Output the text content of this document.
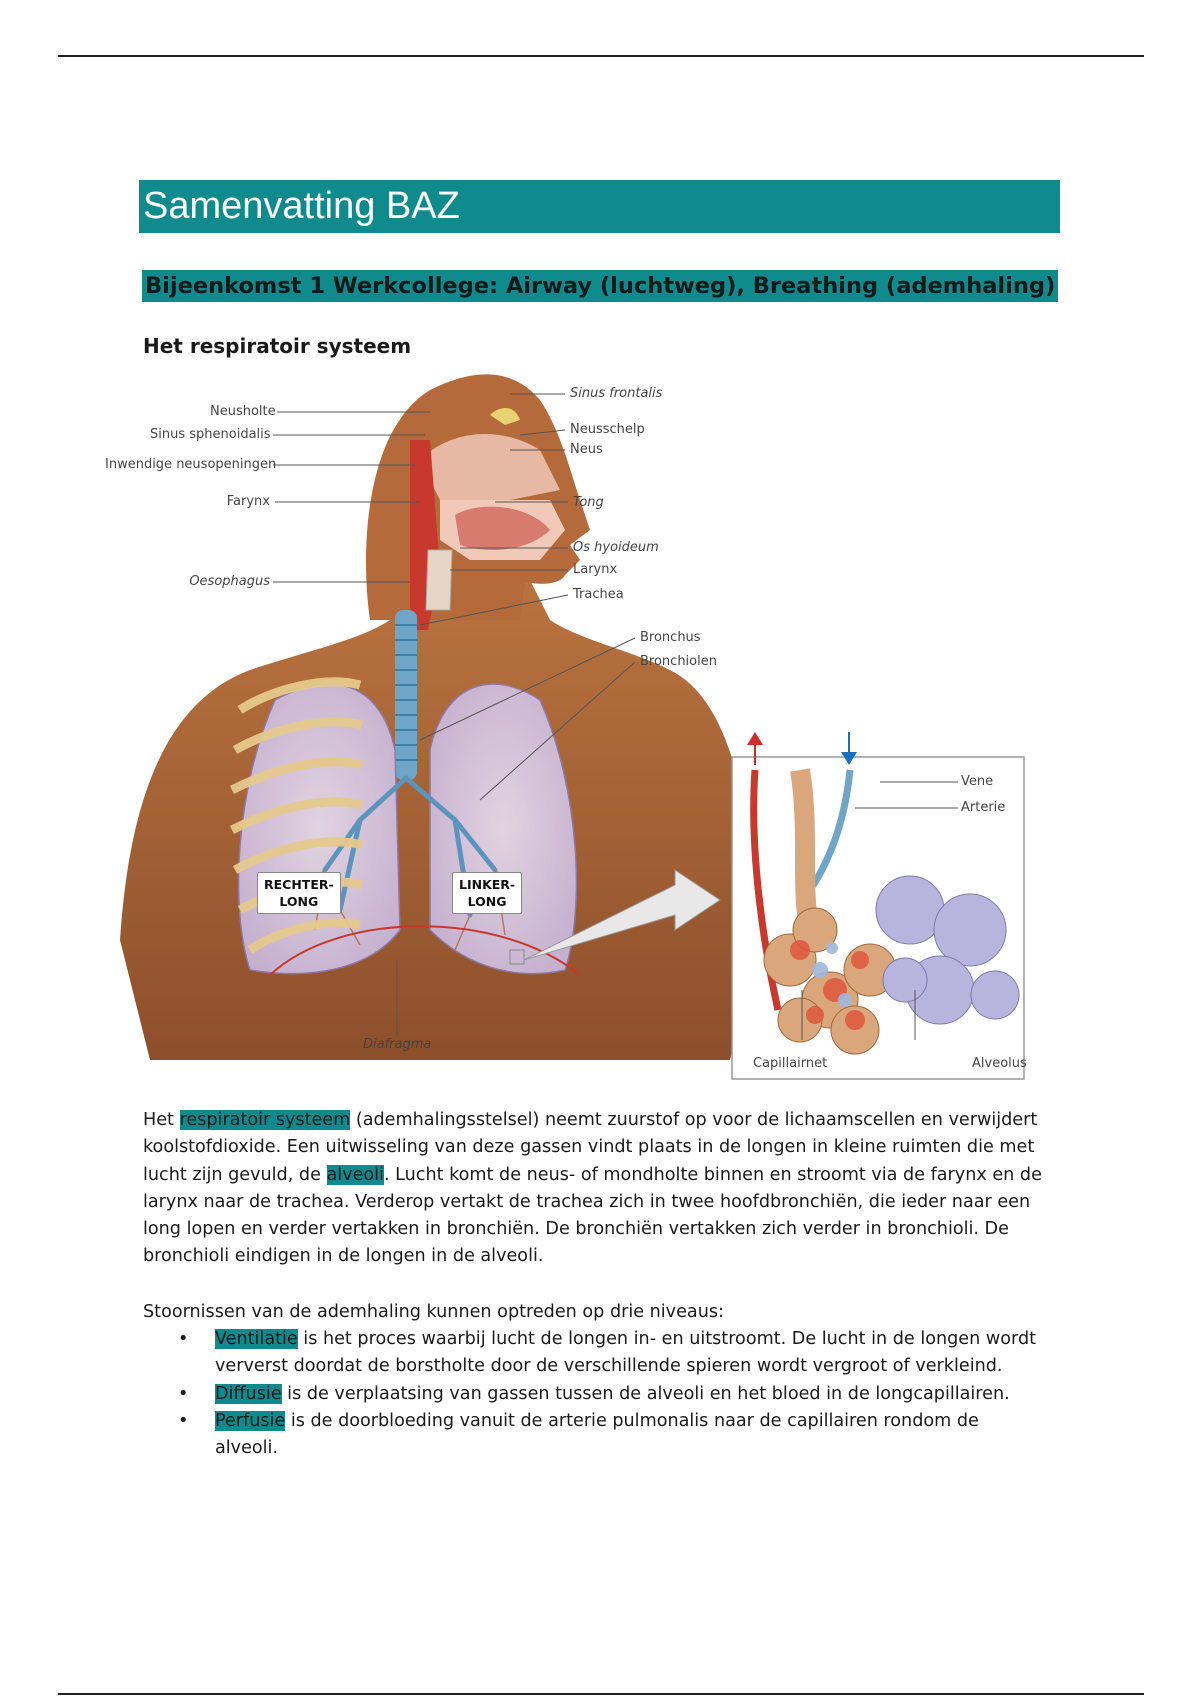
Samenvatting BAZ
Bijeenkomst 1 Werkcollege: Airway (luchtweg), Breathing (ademhaling)
Het respiratoir systeem
Neusholte
Sinus sphenoidalis
Inwendige neusopeningen
Farynx
Oesophagus
Sinus frontalis
Neusschelp
Neus
Tong
Os hyoideum
Larynx
Trachea
Bronchus
Bronchiolen
RECHTER-
LONG
LINKER-
LONG
Diafragma
Vene
Arterie
Capillairnet	Alveolus
Het respiratoir systeem (ademhalingsstelsel) neemt zuurstof op voor de lichaamscellen en verwijdert koolstofdioxide. Een uitwisseling van deze gassen vindt plaats in de longen in kleine ruimten die met lucht zijn gevuld, de alveoli. Lucht komt de neus- of mondholte binnen en stroomt via de farynx en de larynx naar de trachea. Verderop vertakt de trachea zich in twee hoofdbronchiën, die ieder naar een long lopen en verder vertakken in bronchiën. De bronchiën vertakken zich verder in bronchioli. De bronchioli eindigen in de longen in de alveoli.
Stoornissen van de ademhaling kunnen optreden op drie niveaus:
• Ventilatie is het proces waarbij lucht de longen in- en uitstroomt. De lucht in de longen wordt ververst doordat de borstholte door de verschillende spieren wordt vergroot of verkleind.
• Diffusie is de verplaatsing van gassen tussen de alveoli en het bloed in de longcapillairen.
• Perfusie is de doorbloeding vanuit de arterie pulmonalis naar de capillairen rondom de alveoli.
